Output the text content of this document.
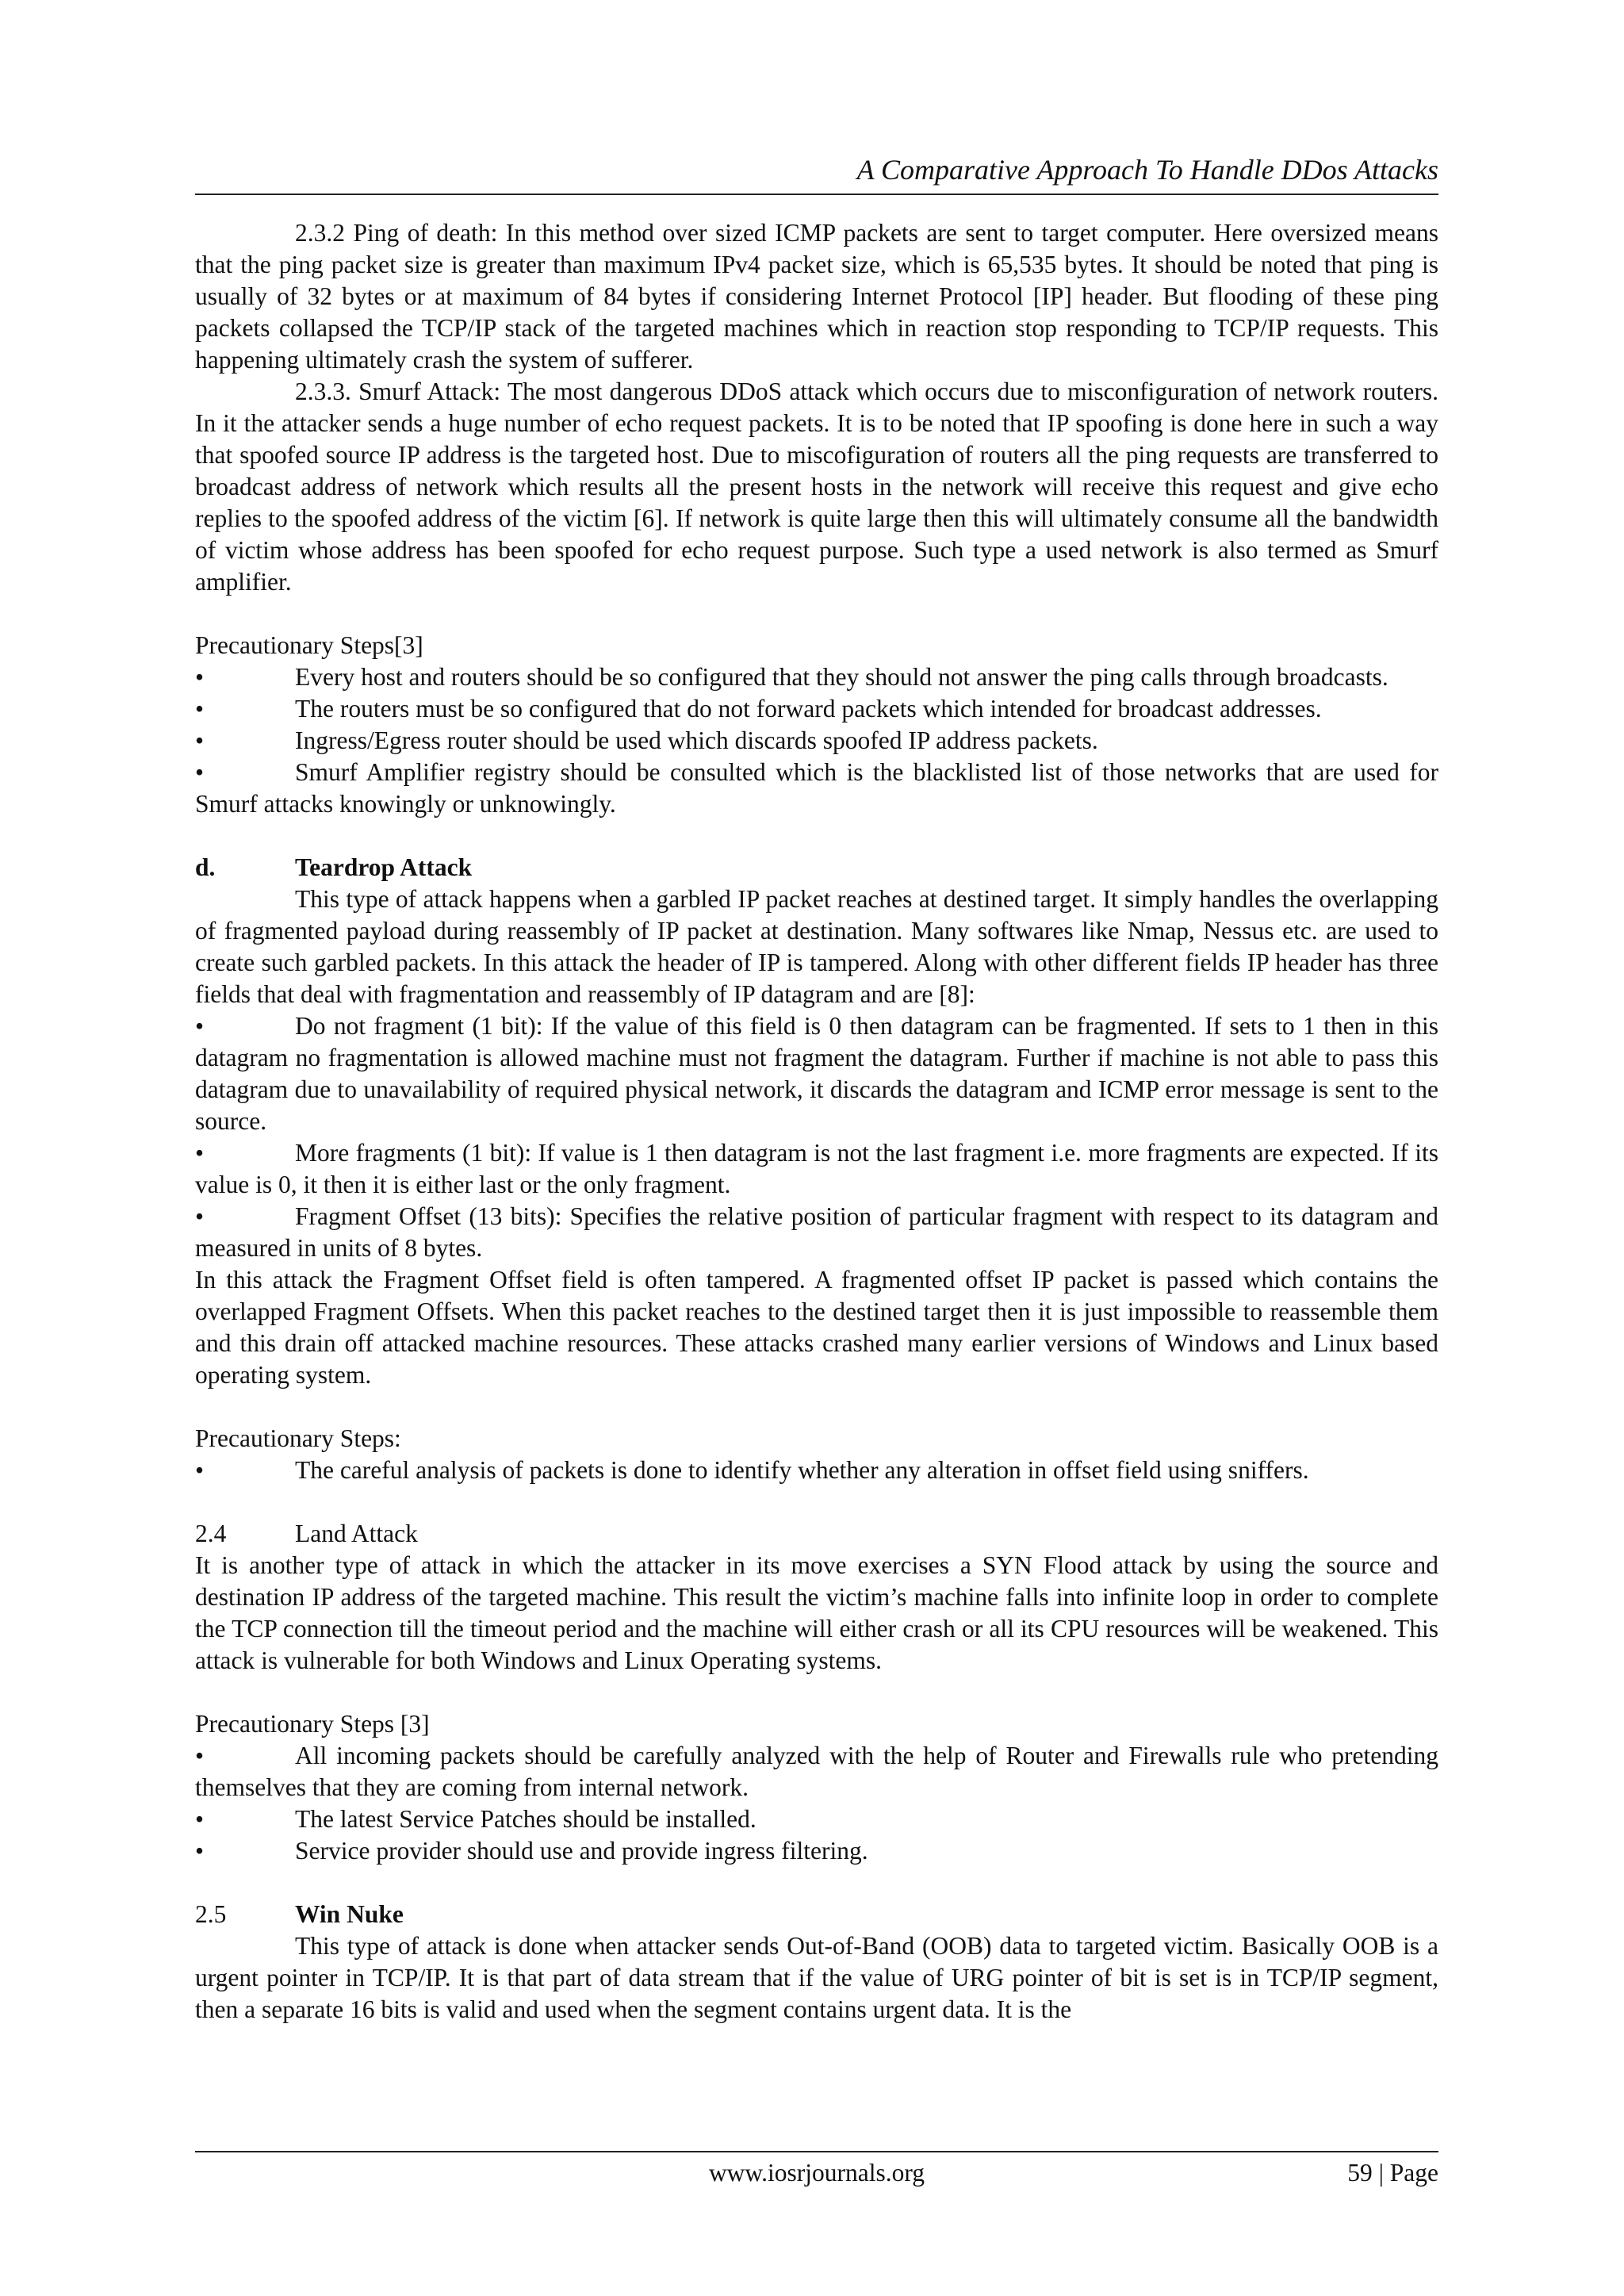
A Comparative Approach To Handle DDos Attacks

2.3.2 Ping of death: In this method over sized ICMP packets are sent to target computer. Here oversized means that the ping packet size is greater than maximum IPv4 packet size, which is 65,535 bytes. It should be noted that ping is usually of 32 bytes or at maximum of 84 bytes if considering Internet Protocol [IP] header. But flooding of these ping packets collapsed the TCP/IP stack of the targeted machines which in reaction stop responding to TCP/IP requests. This happening ultimately crash the system of sufferer.

2.3.3. Smurf Attack: The most dangerous DDoS attack which occurs due to misconfiguration of network routers. In it the attacker sends a huge number of echo request packets. It is to be noted that IP spoofing is done here in such a way that spoofed source IP address is the targeted host. Due to miscofiguration of routers all the ping requests are transferred to broadcast address of network which results all the present hosts in the network will receive this request and give echo replies to the spoofed address of the victim [6]. If network is quite large then this will ultimately consume all the bandwidth of victim whose address has been spoofed for echo request purpose. Such type a used network is also termed as Smurf amplifier.

Precautionary Steps[3]

•	Every host and routers should be so configured that they should not answer the ping calls through broadcasts.

•	The routers must be so configured that do not forward packets which intended for broadcast addresses.

•	Ingress/Egress router should be used which discards spoofed IP address packets.

•	Smurf Amplifier registry should be consulted which is the blacklisted list of those networks that are used for Smurf attacks knowingly or unknowingly.

d.	Teardrop Attack

This type of attack happens when a garbled IP packet reaches at destined target. It simply handles the overlapping of fragmented payload during reassembly of IP packet at destination. Many softwares like Nmap, Nessus etc. are used to create such garbled packets. In this attack the header of IP is tampered. Along with other different fields IP header has three fields that deal with fragmentation and reassembly of IP datagram and are [8]:

•	Do not fragment (1 bit): If the value of this field is 0 then datagram can be fragmented. If sets to 1 then in this datagram no fragmentation is allowed machine must not fragment the datagram. Further if machine is not able to pass this datagram due to unavailability of required physical network, it discards the datagram and ICMP error message is sent to the source.

•	More fragments (1 bit): If value is 1 then datagram is not the last fragment i.e. more fragments are expected. If its value is 0, it then it is either last or the only fragment.

•	Fragment Offset (13 bits): Specifies the relative position of particular fragment with respect to its datagram and measured in units of 8 bytes.

In this attack the Fragment Offset field is often tampered. A fragmented offset IP packet is passed which contains the overlapped Fragment Offsets. When this packet reaches to the destined target then it is just impossible to reassemble them and this drain off attacked machine resources. These attacks crashed many earlier versions of Windows and Linux based operating system.

Precautionary Steps:

•	The careful analysis of packets is done to identify whether any alteration in offset field using sniffers.

2.4	Land Attack

It is another type of attack in which the attacker in its move exercises a SYN Flood attack by using the source and destination IP address of the targeted machine. This result the victim’s machine falls into infinite loop in order to complete the TCP connection till the timeout period and the machine will either crash or all its CPU resources will be weakened. This attack is vulnerable for both Windows and Linux Operating systems.

Precautionary Steps [3]

•	All incoming packets should be carefully analyzed with the help of Router and Firewalls rule who pretending themselves that they are coming from internal network.

•	The latest Service Patches should be installed.

•	Service provider should use and provide ingress filtering.

2.5	Win Nuke

This type of attack is done when attacker sends Out-of-Band (OOB) data to targeted victim. Basically OOB is a urgent pointer in TCP/IP. It is that part of data stream that if the value of URG pointer of bit is set is in TCP/IP segment, then a separate 16 bits is valid and used when the segment contains urgent data. It is the

www.iosrjournals.org	59 | Page
